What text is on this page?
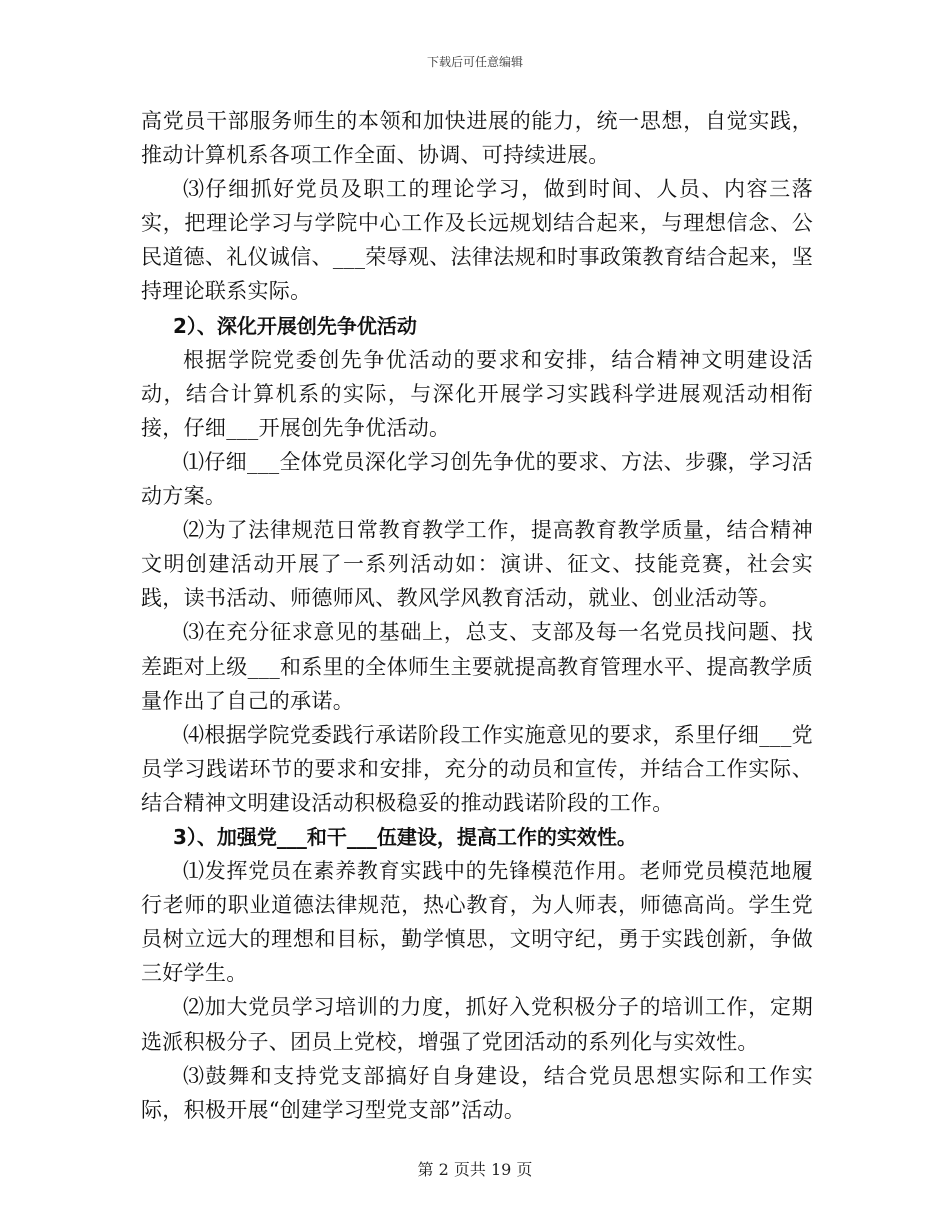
下载后可任意编辑

高党员干部服务师生的本领和加快进展的能力，统一思想，自觉实践，推动计算机系各项工作全面、协调、可持续进展。

⑶仔细抓好党员及职工的理论学习，做到时间、人员、内容三落实，把理论学习与学院中心工作及长远规划结合起来，与理想信念、公民道德、礼仪诚信、___荣辱观、法律法规和时事政策教育结合起来，坚持理论联系实际。

2）、深化开展创先争优活动

根据学院党委创先争优活动的要求和安排，结合精神文明建设活动，结合计算机系的实际，与深化开展学习实践科学进展观活动相衔接，仔细___开展创先争优活动。

⑴仔细___全体党员深化学习创先争优的要求、方法、步骤，学习活动方案。

⑵为了法律规范日常教育教学工作，提高教育教学质量，结合精神文明创建活动开展了一系列活动如：演讲、征文、技能竞赛，社会实践，读书活动、师德师风、教风学风教育活动，就业、创业活动等。

⑶在充分征求意见的基础上，总支、支部及每一名党员找问题、找差距对上级___和系里的全体师生主要就提高教育管理水平、提高教学质量作出了自己的承诺。

⑷根据学院党委践行承诺阶段工作实施意见的要求，系里仔细___党员学习践诺环节的要求和安排，充分的动员和宣传，并结合工作实际、结合精神文明建设活动积极稳妥的推动践诺阶段的工作。

3）、加强党___和干___伍建设，提高工作的实效性。

⑴发挥党员在素养教育实践中的先锋模范作用。老师党员模范地履行老师的职业道德法律规范，热心教育，为人师表，师德高尚。学生党员树立远大的理想和目标，勤学慎思，文明守纪，勇于实践创新，争做三好学生。

⑵加大党员学习培训的力度，抓好入党积极分子的培训工作，定期选派积极分子、团员上党校，增强了党团活动的系列化与实效性。

⑶鼓舞和支持党支部搞好自身建设，结合党员思想实际和工作实际，积极开展“创建学习型党支部”活动。

第 2 页共 19 页
